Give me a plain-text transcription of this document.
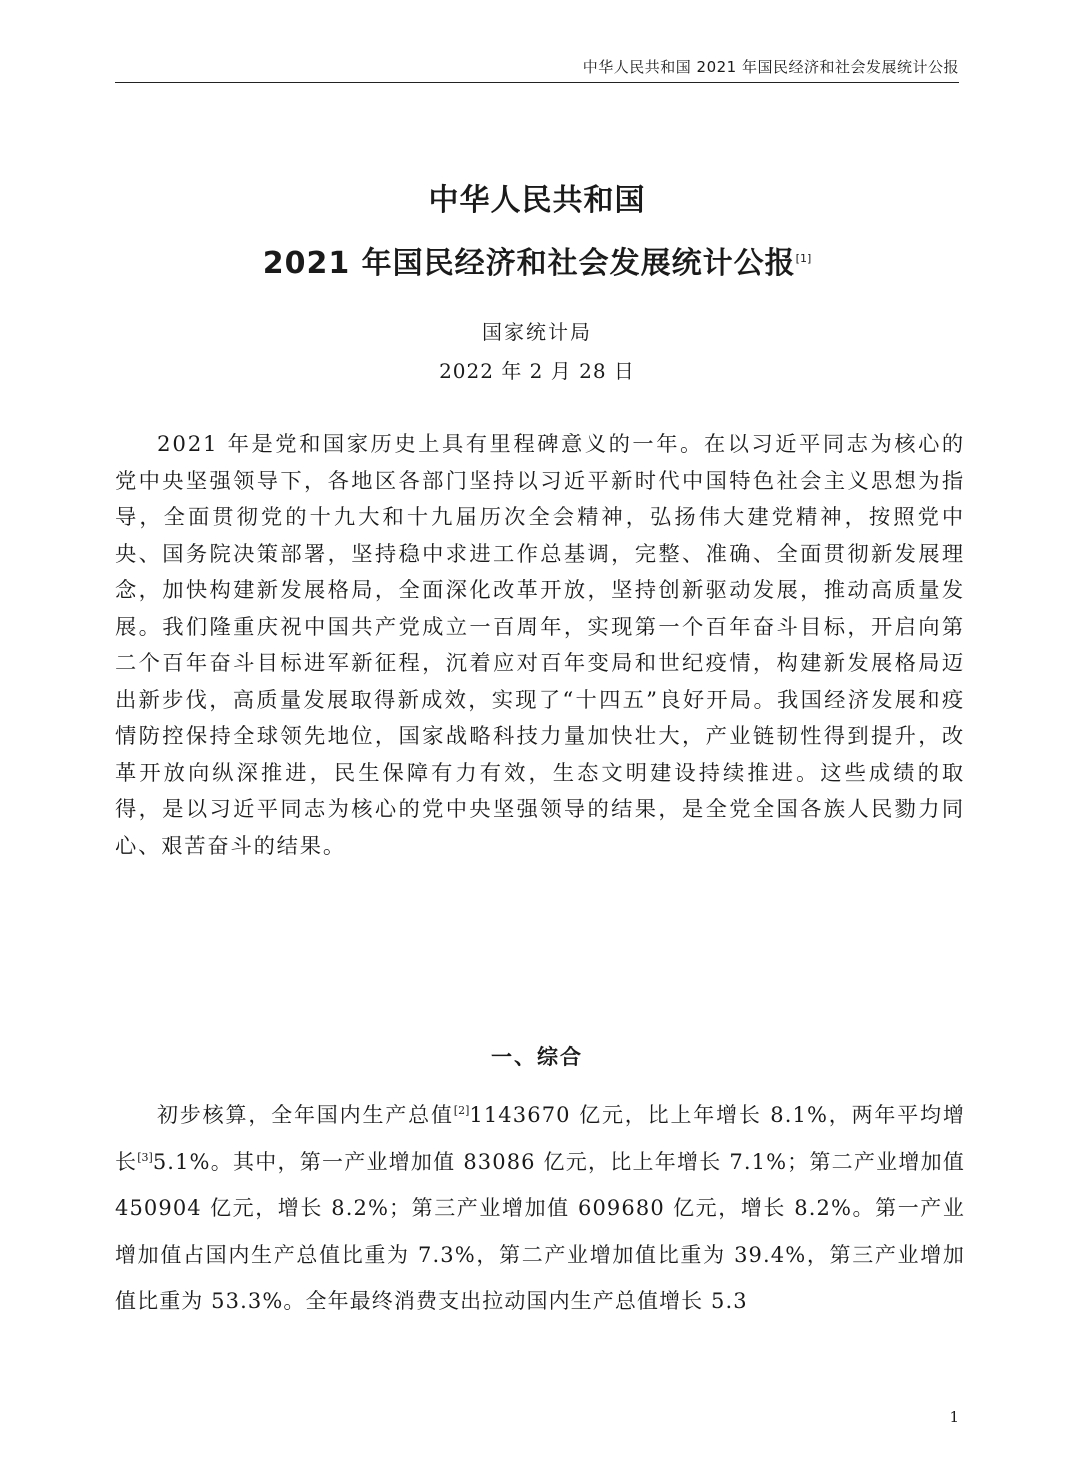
中华人民共和国 2021 年国民经济和社会发展统计公报
中华人民共和国
2021 年国民经济和社会发展统计公报[1]
国家统计局
2022 年 2 月 28 日

2021 年是党和国家历史上具有里程碑意义的一年。在以习近平同志为核心的党中央坚强领导下，各地区各部门坚持以习近平新时代中国特色社会主义思想为指导，全面贯彻党的十九大和十九届历次全会精神，弘扬伟大建党精神，按照党中央、国务院决策部署，坚持稳中求进工作总基调，完整、准确、全面贯彻新发展理念，加快构建新发展格局，全面深化改革开放，坚持创新驱动发展，推动高质量发展。我们隆重庆祝中国共产党成立一百周年，实现第一个百年奋斗目标，开启向第二个百年奋斗目标进军新征程，沉着应对百年变局和世纪疫情，构建新发展格局迈出新步伐，高质量发展取得新成效，实现了“十四五”良好开局。我国经济发展和疫情防控保持全球领先地位，国家战略科技力量加快壮大，产业链韧性得到提升，改革开放向纵深推进，民生保障有力有效，生态文明建设持续推进。这些成绩的取得，是以习近平同志为核心的党中央坚强领导的结果，是全党全国各族人民勠力同心、艰苦奋斗的结果。

一、综合

初步核算，全年国内生产总值[2]1143670 亿元，比上年增长 8.1%，两年平均增长[3]5.1%。其中，第一产业增加值 83086 亿元，比上年增长 7.1%；第二产业增加值 450904 亿元，增长 8.2%；第三产业增加值 609680 亿元，增长 8.2%。第一产业增加值占国内生产总值比重为 7.3%，第二产业增加值比重为 39.4%，第三产业增加值比重为 53.3%。全年最终消费支出拉动国内生产总值增长 5.3

1
